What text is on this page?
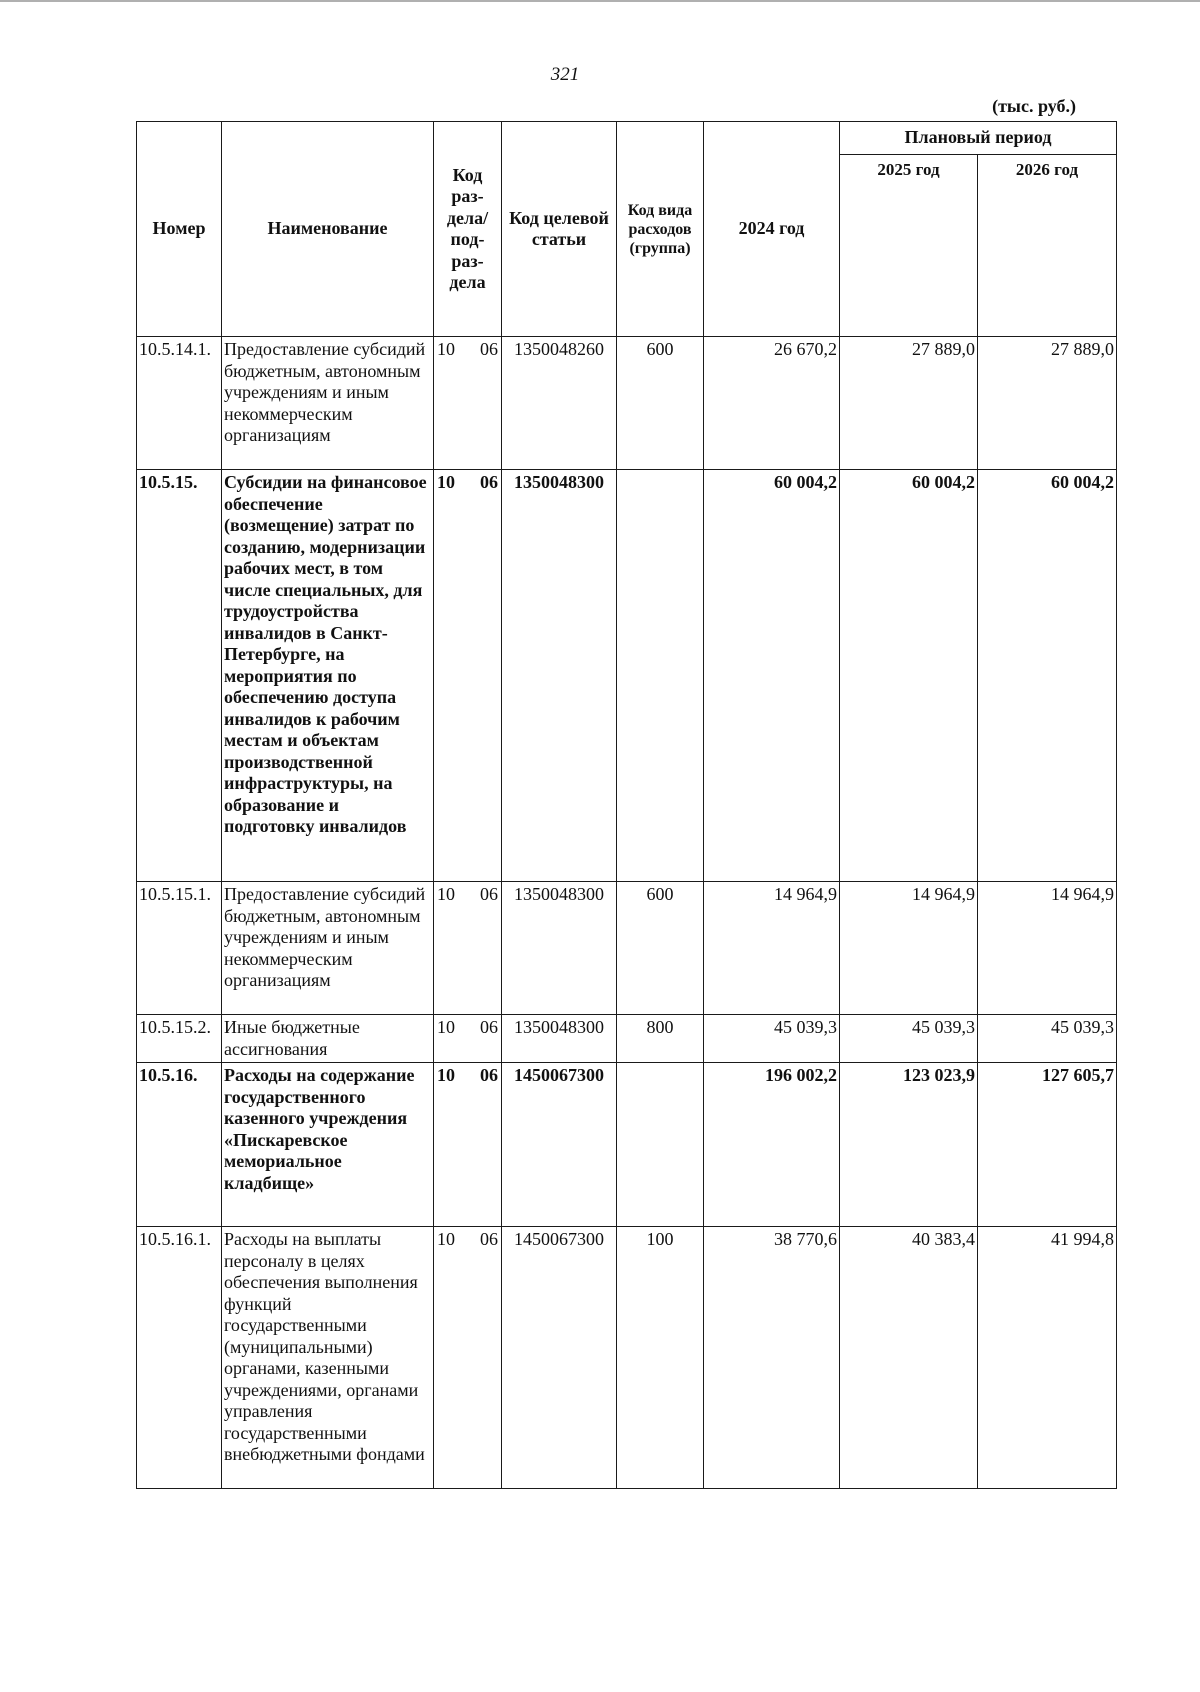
321
(тыс. руб.)
Номер	Наименование	Код раз- дела/ под- раз- дела	Код целевой статьи	Код вида расходов (группа)	2024 год	Плановый период	
						2025 год	2026 год
10.5.14.1.	Предоставление субсидий бюджетным, автономным учреждениям и иным некоммерческим организациям	10 06	1350048260	600	26 670,2	27 889,0	27 889,0
10.5.15.	Субсидии на финансовое обеспечение (возмещение) затрат по созданию, модернизации рабочих мест, в том числе специальных, для трудоустройства инвалидов в Санкт-Петербурге, на мероприятия по обеспечению доступа инвалидов к рабочим местам и объектам производственной инфраструктуры, на образование и подготовку инвалидов	10 06	1350048300		60 004,2	60 004,2	60 004,2
10.5.15.1.	Предоставление субсидий бюджетным, автономным учреждениям и иным некоммерческим организациям	10 06	1350048300	600	14 964,9	14 964,9	14 964,9
10.5.15.2.	Иные бюджетные ассигнования	10 06	1350048300	800	45 039,3	45 039,3	45 039,3
10.5.16.	Расходы на содержание государственного казенного учреждения «Пискаревское мемориальное кладбище»	10 06	1450067300		196 002,2	123 023,9	127 605,7
10.5.16.1.	Расходы на выплаты персоналу в целях обеспечения выполнения функций государственными (муниципальными) органами, казенными учреждениями, органами управления государственными внебюджетными фондами	10 06	1450067300	100	38 770,6	40 383,4	41 994,8
